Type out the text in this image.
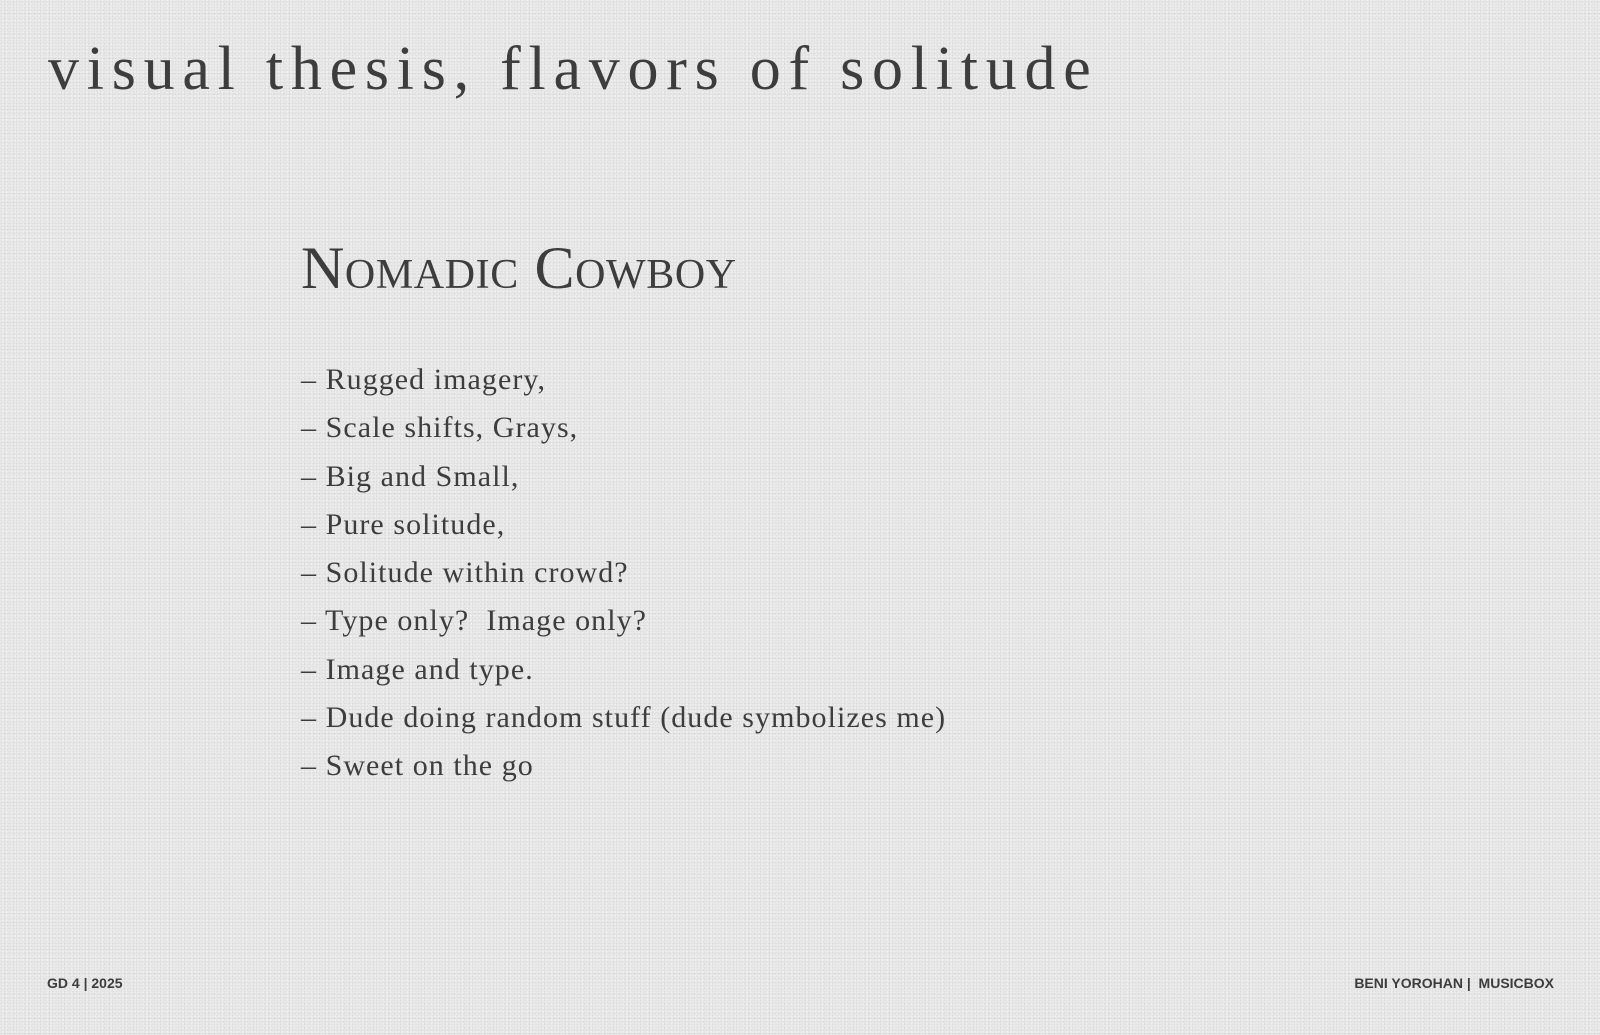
visual thesis, flavors of solitude
Nomadic Cowboy
– Rugged imagery,
– Scale shifts, Grays,
– Big and Small,
– Pure solitude,
– Solitude within crowd?
– Type only?  Image only?
– Image and type.
– Dude doing random stuff (dude symbolizes me)
– Sweet on the go
GD 4 | 2025	BENI YOROHAN |  MUSICBOX
